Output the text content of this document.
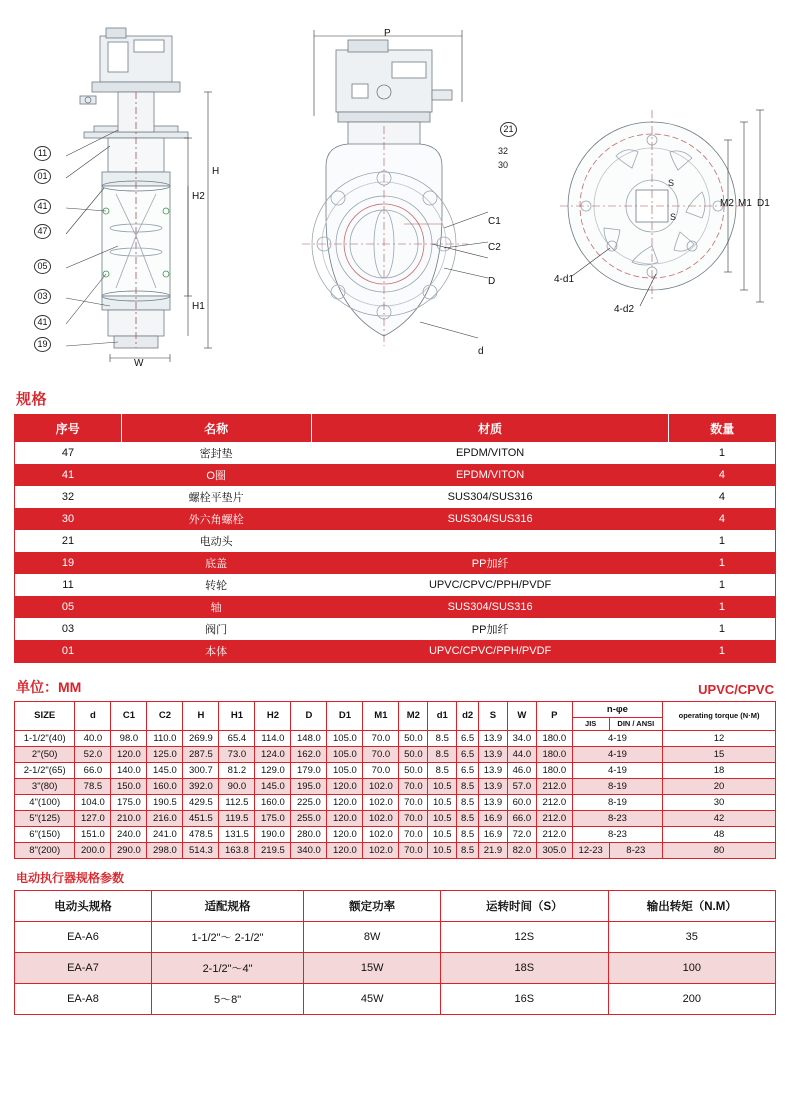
11
01
41
47
05
03
41
19
H
H2
H1
W
21
32
30
P
C1
C2
D
d
S
S
M2 M1 D1
4-d1
4-d2
规格
序号	名称	材质	数量
47	密封垫	EPDM/VITON	1
41	O圈	EPDM/VITON	4
32	螺栓平垫片	SUS304/SUS316	4
30	外六角螺栓	SUS304/SUS316	4
21	电动头		1
19	底盖	PP加纤	1
11	转轮	UPVC/CPVC/PPH/PVDF	1
05	轴	SUS304/SUS316	1
03	阀门	PP加纤	1
01	本体	UPVC/CPVC/PPH/PVDF	1
单位：MM	UPVC/CPVC
SIZE	d	C1	C2	H	H1	H2	D	D1	M1	M2	d1	d2	S	W	P	n-φe		operating torque (N·M)
																JIS	DIN / ANSI	
1-1/2"(40)	40.0	98.0	110.0	269.9	65.4	114.0	148.0	105.0	70.0	50.0	8.5	6.5	13.9	34.0	180.0	4-19		12
2"(50)	52.0	120.0	125.0	287.5	73.0	124.0	162.0	105.0	70.0	50.0	8.5	6.5	13.9	44.0	180.0	4-19		15
2-1/2"(65)	66.0	140.0	145.0	300.7	81.2	129.0	179.0	105.0	70.0	50.0	8.5	6.5	13.9	46.0	180.0	4-19		18
3"(80)	78.5	150.0	160.0	392.0	90.0	145.0	195.0	120.0	102.0	70.0	10.5	8.5	13.9	57.0	212.0	8-19		20
4"(100)	104.0	175.0	190.5	429.5	112.5	160.0	225.0	120.0	102.0	70.0	10.5	8.5	13.9	60.0	212.0	8-19		30
5"(125)	127.0	210.0	216.0	451.5	119.5	175.0	255.0	120.0	102.0	70.0	10.5	8.5	16.9	66.0	212.0	8-23		42
6"(150)	151.0	240.0	241.0	478.5	131.5	190.0	280.0	120.0	102.0	70.0	10.5	8.5	16.9	72.0	212.0	8-23		48
8"(200)	200.0	290.0	298.0	514.3	163.8	219.5	340.0	120.0	102.0	70.0	10.5	8.5	21.9	82.0	305.0	12-23	8-23	80
电动执行器规格参数
电动头规格	适配规格	额定功率	运转时间（S）	输出转矩（N.M）
EA-A6	1-1/2"～ 2-1/2"	8W	12S	35
EA-A7	2-1/2"～4"	15W	18S	100
EA-A8	5～8"	45W	16S	200
